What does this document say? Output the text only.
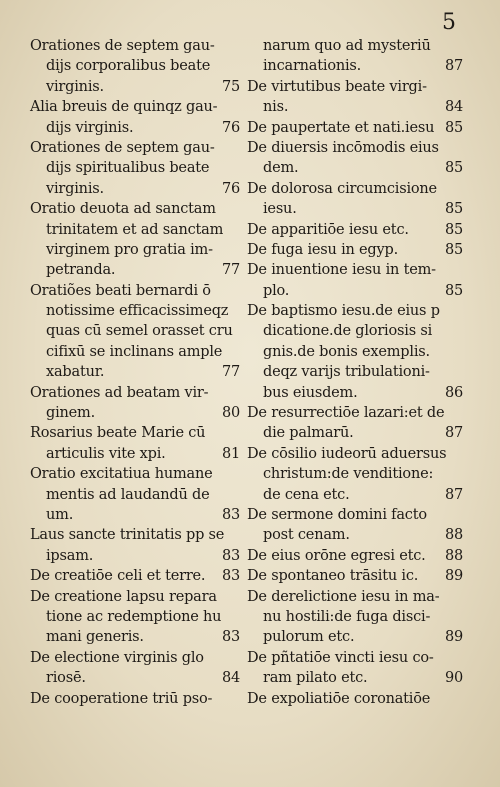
5
Orationes de septem gau-
dijs corporalibus beate
virginis.	75
Alia breuis de quinqz gau-
dijs virginis.	76
Orationes de septem gau-
dijs spiritualibus beate
virginis.	76
Oratio deuota ad sanctam
trinitatem et ad sanctam
virginem pro gratia im-
petranda.	77
Oratiões beati bernardi ō
notissime efficacissimeqz
quas cū semel orasset cru
cifixū se inclinans ample
xabatur.	77
Orationes ad beatam vir-
ginem.	80
Rosarius beate Marie cū
articulis vite xpi.	81
Oratio excitatiua humane
mentis ad laudandū de
um.	83
Laus sancte trinitatis pp se
ipsam.	83
De creatiōe celi et terre. 83
De creatione lapsu repara
tione ac redemptione hu
mani generis.	83
De electione virginis glo
riosē.	84
De cooperatione triū pso-
narum quo ad mysteriū
incarnationis.	87
De virtutibus beate virgi-
nis.	84
De paupertate et nati.iesu 85
De diuersis incōmodis eius
dem.	85
De dolorosa circumcisione
iesu.	85
De apparitiōe iesu etc. 85
De fuga iesu in egyp.	85
De inuentione iesu in tem-
plo.	85
De baptismo iesu.de eius p
dicatione.de gloriosis si
gnis.de bonis exemplis.
deqz varijs tribulationi-
bus eiusdem.	86
De resurrectiōe lazari:et de
die palmarū.	87
De cōsilio iudeorū aduersus
christum:de venditione:
de cena etc.	87
De sermone domini facto
post cenam.	88
De eius orōne egresi etc. 88
De spontaneo trāsitu ic. 89
De derelictione iesu in ma-
nu hostili:de fuga disci-
pulorum etc.	89
De pñtatiōe vincti iesu co-
ram pilato etc.	90
De expoliatiōe coronatiōe
